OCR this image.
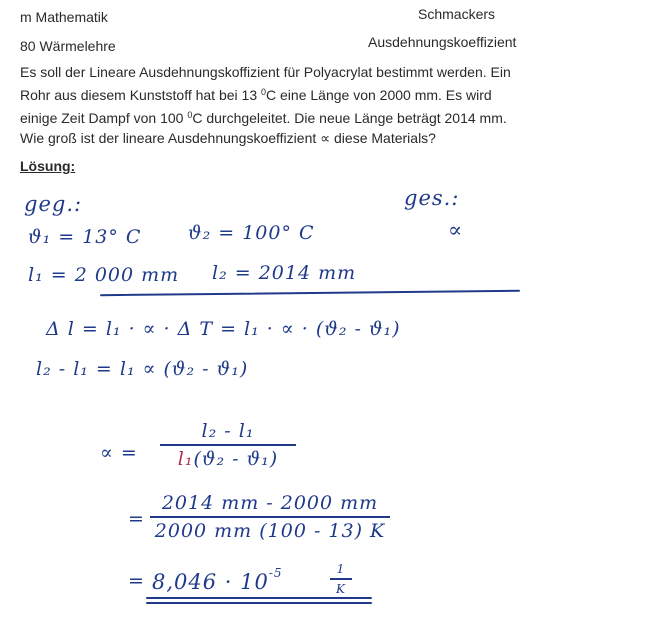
m Mathematik
80 Wärmelehre
Schmackers
Ausdehnungskoeffizient
Es soll der Lineare Ausdehnungskoffizient für Polyacrylat bestimmt werden. Ein
Rohr aus diesem Kunststoff hat bei 13 $^0$C eine Länge von 2000 mm. Es wird
einige Zeit Dampf von 100 $^0$C durchgeleitet. Die neue Länge beträgt 2014 mm.
Wie groß ist der lineare Ausdehnungskoeffizient ∝ diese Materials?
Lösung:
geg.:
ϑ₁ = 13° C ϑ₂ = 100° C
l₁ = 2 000 mm l₂ = 2014 mm
ges.:
∝
Δ l = l₁ · ∝ · Δ T = l₁ · ∝ · (ϑ₂ - ϑ₁)
l₂ - l₁ = l₁ ∝ (ϑ₂ - ϑ₁)
∝ =
l₂ - l₁
l₁(ϑ₂ - ϑ₁)
=
2014 mm - 2000 mm
2000 mm (100 - 13) K
= $8,046 \cdot 10^{-5}$	1
K
